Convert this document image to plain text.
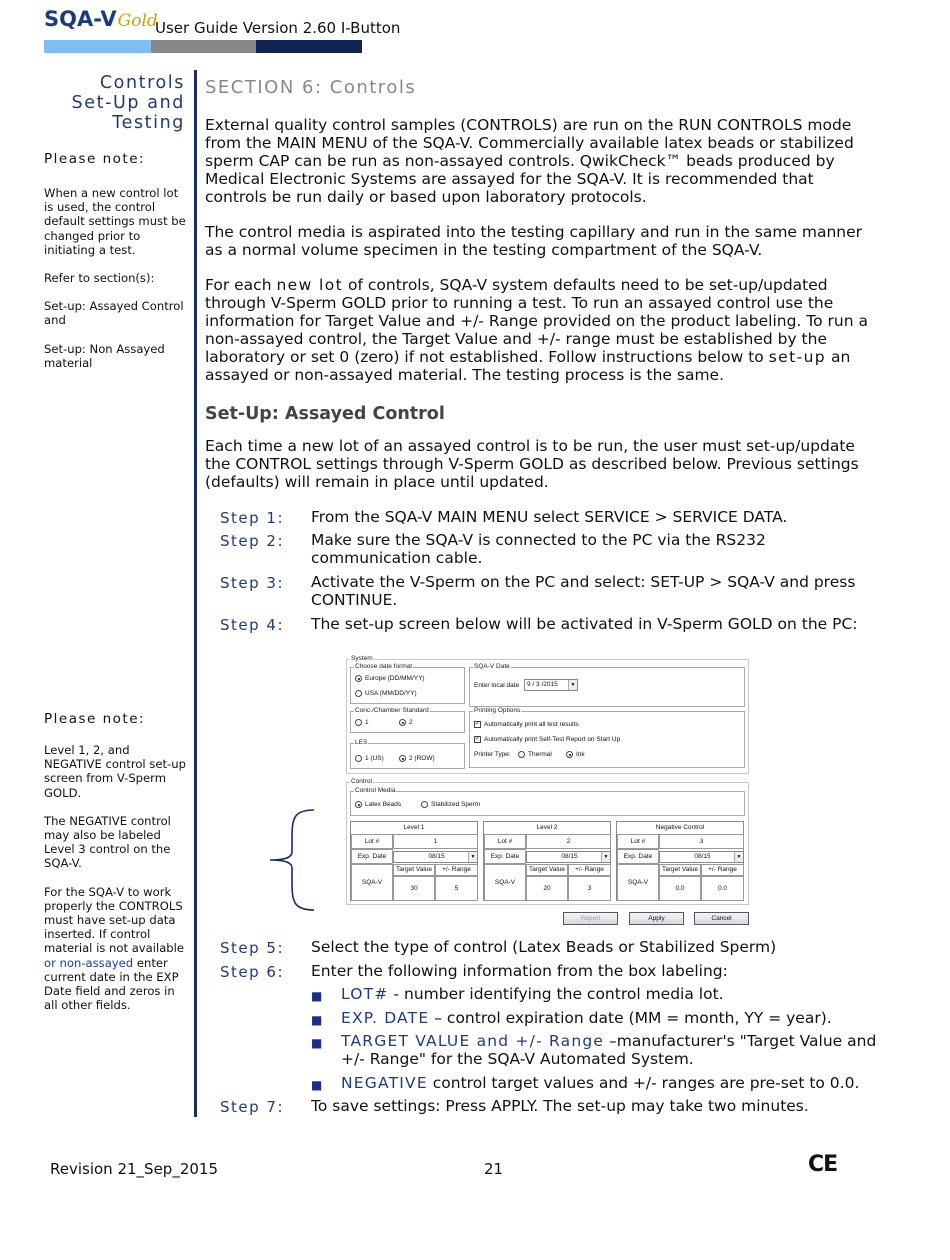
SQA-VGold
User Guide Version 2.60 I-Button
Controls
Set-Up and
Testing
Please note:

When a new control lot is used, the control default settings must be changed prior to initiating a test.

Refer to section(s):

Set-up: Assayed Control and

Set-up: Non Assayed material

Please note:

Level 1, 2, and NEGATIVE control set-up screen from V-Sperm GOLD.

The NEGATIVE control may also be labeled Level 3 control on the SQA-V.

For the SQA-V to work properly the CONTROLS must have set-up data inserted. If control material is not available or non-assayed enter current date in the EXP Date field and zeros in all other fields.

SECTION 6: Controls
External quality control samples (CONTROLS) are run on the RUN CONTROLS mode from the MAIN MENU of the SQA-V. Commercially available latex beads or stabilized sperm CAP can be run as non-assayed controls. QwikCheck™ beads produced by Medical Electronic Systems are assayed for the SQA-V. It is recommended that controls be run daily or based upon laboratory protocols.
The control media is aspirated into the testing capillary and run in the same manner as a normal volume specimen in the testing compartment of the SQA-V.
For each new lot of controls, SQA-V system defaults need to be set-up/updated through V-Sperm GOLD prior to running a test. To run an assayed control use the information for Target Value and +/- Range provided on the product labeling. To run a non-assayed control, the Target Value and +/- range must be established by the laboratory or set 0 (zero) if not established. Follow instructions below to set-up an assayed or non-assayed material. The testing process is the same.
Set-Up: Assayed Control
Each time a new lot of an assayed control is to be run, the user must set-up/update the CONTROL settings through V-Sperm GOLD as described below. Previous settings (defaults) will remain in place until updated.
Step 1: From the SQA-V MAIN MENU select SERVICE > SERVICE DATA.
Step 2: Make sure the SQA-V is connected to the PC via the RS232 communication cable.
Step 3: Activate the V-Sperm on the PC and select: SET-UP > SQA-V and press CONTINUE.
Step 4: The set-up screen below will be activated in V-Sperm GOLD on the PC:
System
Choose date format
Europe (DD/MM/YY)
USA (MM/DD/YY)
Conc./Chamber Standard
1	2
LES
1 (US)	2 (ROW)
SQA-V Date
Enter local date	9 / 3 /2015	▼
Printing Options
✓ Automatically print all test results
✓ Automatically print Self-Test Report on Start Up
Printer Type:	Thermal	Ink
Control
Control Media
Latex Beads	Stabilized Sperm
Level 1
Lot #	1
Exp. Date	08/15	▼
SQA-V
Target Value	+/- Range
30	5
Level 2
Lot #	2
Exp. Date	08/15	▼
SQA-V
Target Value	+/- Range
20	3
Negative Control
Lot #	3
Exp. Date	08/15	▼
SQA-V
Target Value	+/- Range
0.0	0.0
Report	Apply	Cancel
Step 5: Select the type of control (Latex Beads or Stabilized Sperm)
Step 6: Enter the following information from the box labeling:
■ LOT# - number identifying the control media lot.
■ EXP. DATE – control expiration date (MM = month, YY = year).
■ TARGET VALUE and +/- Range –manufacturer's "Target Value and +/- Range" for the SQA-V Automated System.
■ NEGATIVE control target values and +/- ranges are pre-set to 0.0.
Step 7: To save settings: Press APPLY. The set-up may take two minutes.
Revision 21_Sep_2015	21	CE
